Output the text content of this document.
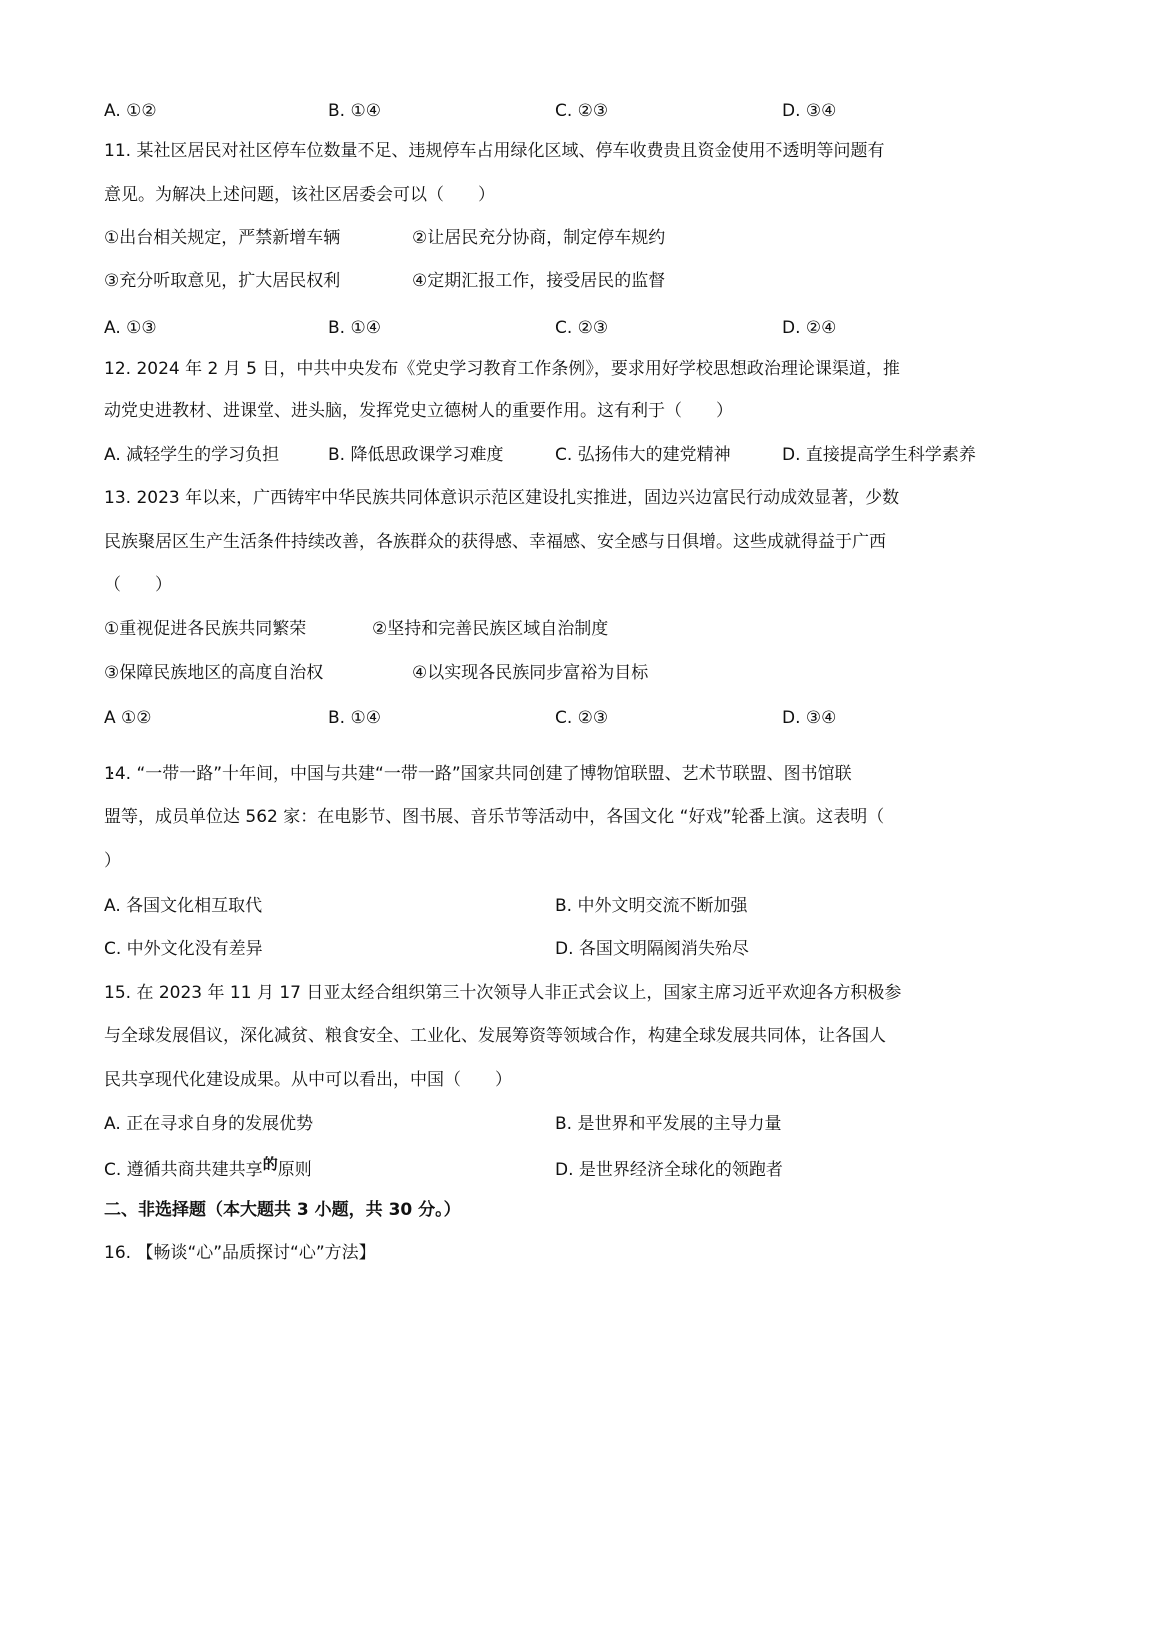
A. ①②	B. ①④	C. ②③	D. ③④
11. 某社区居民对社区停车位数量不足、违规停车占用绿化区域、停车收费贵且资金使用不透明等问题有
意见。为解决上述问题，该社区居委会可以（　　）
①出台相关规定，严禁新增车辆	②让居民充分协商，制定停车规约
③充分听取意见，扩大居民权利	④定期汇报工作，接受居民的监督
A. ①③	B. ①④	C. ②③	D. ②④
12. 2024 年 2 月 5 日，中共中央发布《党史学习教育工作条例》，要求用好学校思想政治理论课渠道，推
动党史进教材、进课堂、进头脑，发挥党史立德树人的重要作用。这有利于（　　）
A. 减轻学生的学习负担	B. 降低思政课学习难度	C. 弘扬伟大的建党精神	D. 直接提高学生科学素养
13. 2023 年以来，广西铸牢中华民族共同体意识示范区建设扎实推进，固边兴边富民行动成效显著，少数
民族聚居区生产生活条件持续改善，各族群众的获得感、幸福感、安全感与日俱增。这些成就得益于广西
（　　）
①重视促进各民族共同繁荣	②坚持和完善民族区域自治制度
③保障民族地区的高度自治权	④以实现各民族同步富裕为目标
A ①②	B. ①④	C. ②③	D. ③④
14. “一带一路”十年间，中国与共建“一带一路”国家共同创建了博物馆联盟、艺术节联盟、图书馆联
盟等，成员单位达 562 家：在电影节、图书展、音乐节等活动中，各国文化 “好戏”轮番上演。这表明（
）
A. 各国文化相互取代	B. 中外文明交流不断加强
C. 中外文化没有差异	D. 各国文明隔阂消失殆尽
15. 在 2023 年 11 月 17 日亚太经合组织第三十次领导人非正式会议上，国家主席习近平欢迎各方积极参
与全球发展倡议，深化减贫、粮食安全、工业化、发展筹资等领域合作，构建全球发展共同体，让各国人
民共享现代化建设成果。从中可以看出，中国（　　）
A. 正在寻求自身的发展优势	B. 是世界和平发展的主导力量
C. 遵循共商共建共享的原则	D. 是世界经济全球化的领跑者
二、非选择题（本大题共 3 小题，共 30 分。）
16. 【畅谈“心”品质探讨“心”方法】
